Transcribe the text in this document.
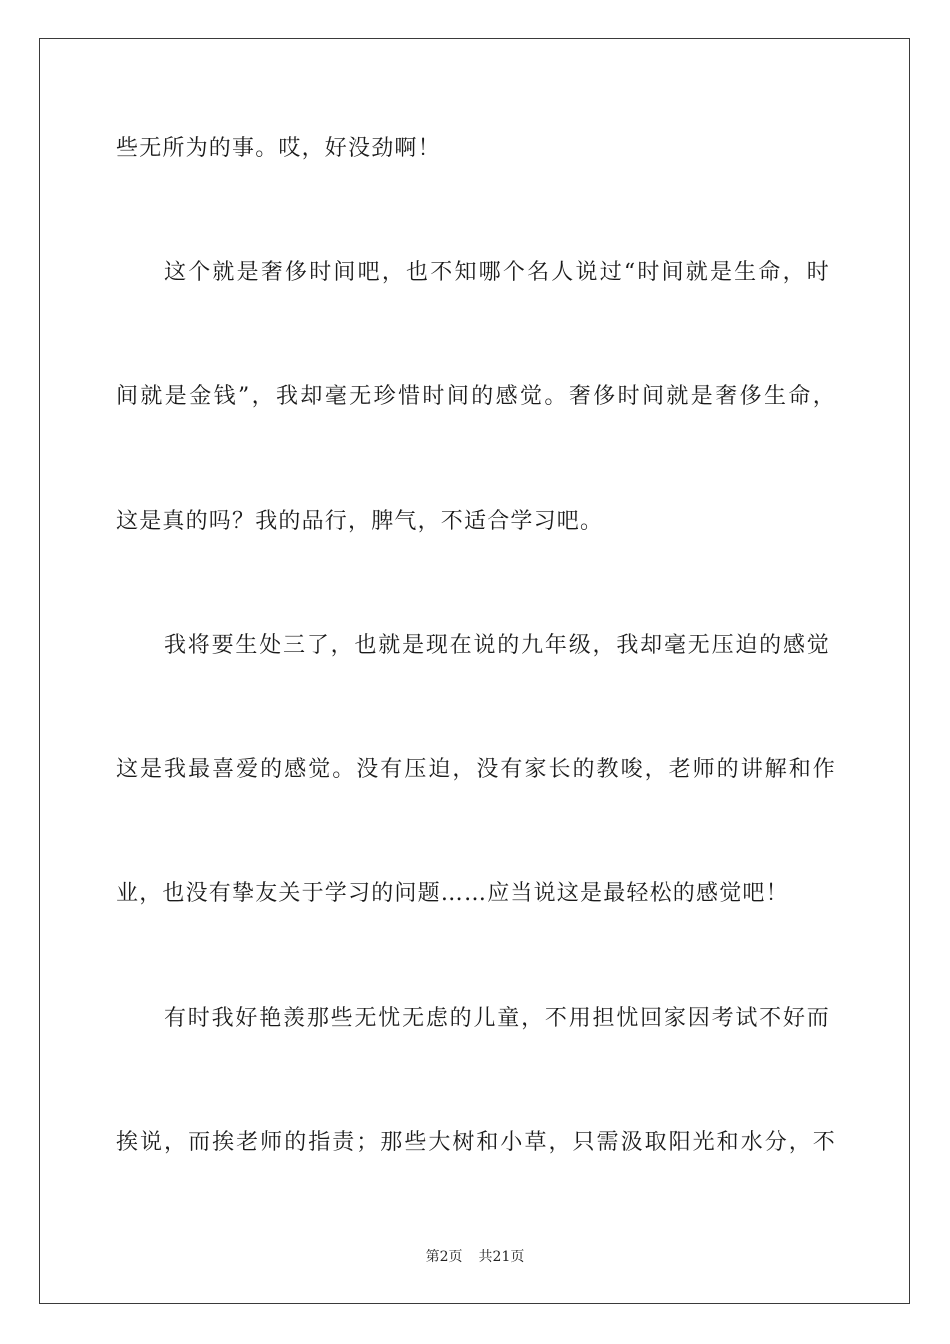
些无所为的事。哎，好没劲啊！
这个就是奢侈时间吧，也不知哪个名人说过“时间就是生命，时
间就是金钱”，我却毫无珍惜时间的感觉。奢侈时间就是奢侈生命，
这是真的吗？我的品行，脾气，不适合学习吧。
我将要生处三了，也就是现在说的九年级，我却毫无压迫的感觉
这是我最喜爱的感觉。没有压迫，没有家长的教唆，老师的讲解和作
业，也没有挚友关于学习的问题……应当说这是最轻松的感觉吧！
有时我好艳羡那些无忧无虑的儿童，不用担忧回家因考试不好而
挨说，而挨老师的指责；那些大树和小草，只需汲取阳光和水分，不
第2页 共21页
